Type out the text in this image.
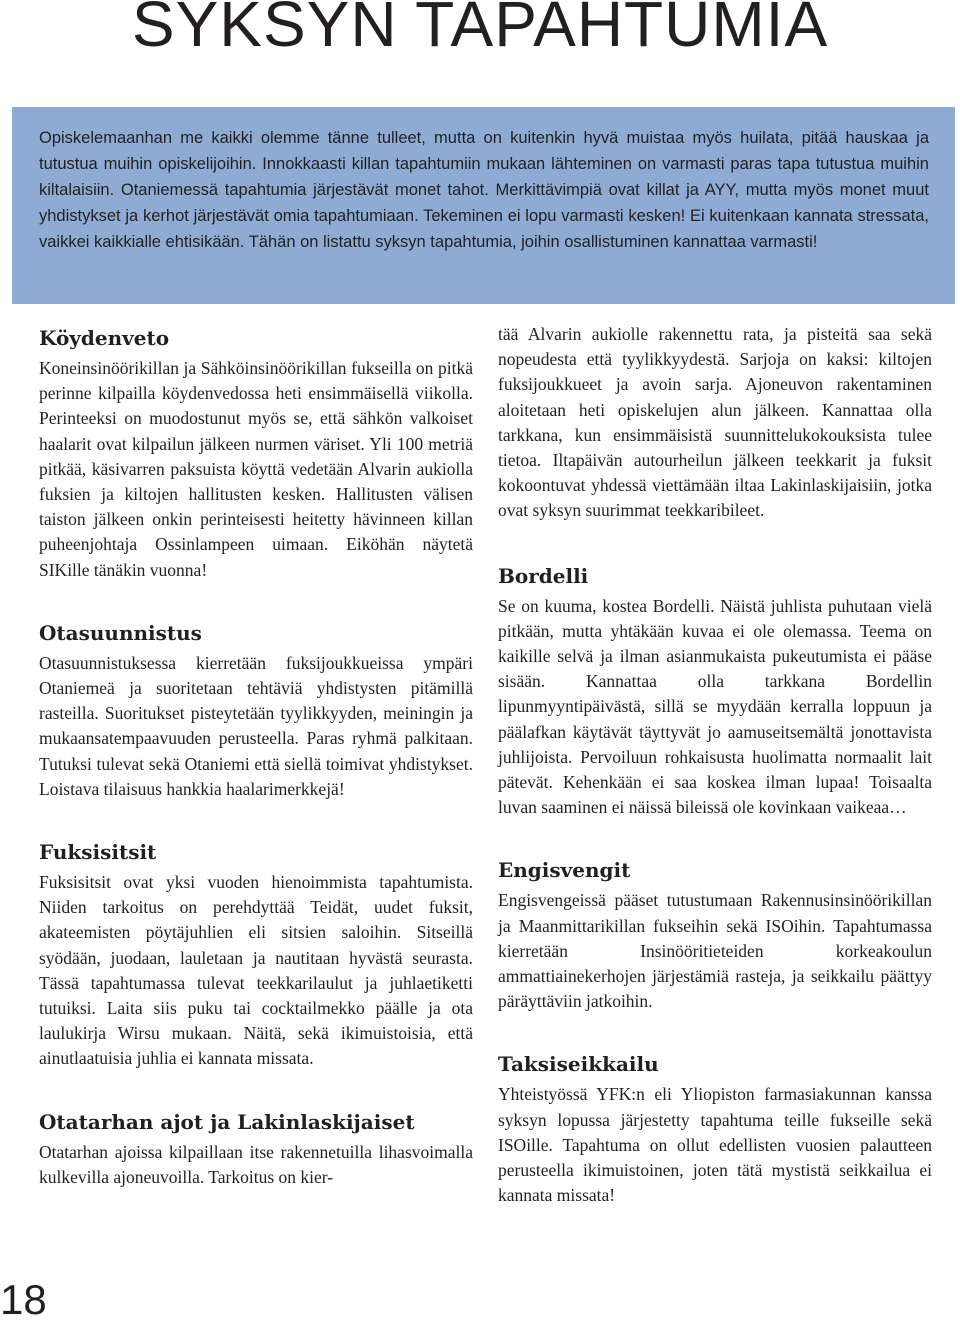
SYKSYN TAPAHTUMIA

Opiskelemaanhan me kaikki olemme tänne tulleet, mutta on kuitenkin hyvä muistaa myös huilata, pitää hauskaa ja tutustua muihin opiskelijoihin. Innokkaasti killan tapahtumiin mukaan lähteminen on varmasti paras tapa tutustua muihin kiltalaisiin. Otaniemessä tapahtumia järjestävät monet tahot. Merkittävimpiä ovat killat ja AYY, mutta myös monet muut yhdistykset ja kerhot järjestävät omia tapahtumiaan. Tekeminen ei lopu varmasti kesken! Ei kuitenkaan kannata stressata, vaikkei kaikkialle ehtisikään. Tähän on listattu syksyn tapahtumia, joihin osallistuminen kannattaa varmasti!

Köydenveto

Koneinsinöörikillan ja Sähköinsinöörikillan fukseilla on pitkä perinne kilpailla köydenvedossa heti ensimmäisellä viikolla. Perinteeksi on muodostunut myös se, että sähkön valkoiset haalarit ovat kilpailun jälkeen nurmen väriset. Yli 100 metriä pitkää, käsivarren paksuista köyttä vedetään Alvarin aukiolla fuksien ja kiltojen hallitusten kesken. Hallitusten välisen taiston jälkeen onkin perinteisesti heitetty hävinneen killan puheenjohtaja Ossinlampeen uimaan. Eiköhän näytetä SIKille tänäkin vuonna!

Otasuunnistus

Otasuunnistuksessa kierretään fuksijoukkueissa ympäri Otaniemeä ja suoritetaan tehtäviä yhdistysten pitämillä rasteilla. Suoritukset pisteytetään tyylikkyyden, meiningin ja mukaansatempaavuuden perusteella. Paras ryhmä palkitaan. Tutuksi tulevat sekä Otaniemi että siellä toimivat yhdistykset. Loistava tilaisuus hankkia haalarimerkkejä!

Fuksisitsit

Fuksisitsit ovat yksi vuoden hienoimmista tapahtumista. Niiden tarkoitus on perehdyttää Teidät, uudet fuksit, akateemisten pöytäjuhlien eli sitsien saloihin. Sitseillä syödään, juodaan, lauletaan ja nautitaan hyvästä seurasta. Tässä tapahtumassa tulevat teekkarilaulut ja juhlaetiketti tutuiksi. Laita siis puku tai cocktailmekko päälle ja ota laulukirja Wirsu mukaan. Näitä, sekä ikimuistoisia, että ainutlaatuisia juhlia ei kannata missata.

Otatarhan ajot ja Lakinlaskijaiset

Otatarhan ajoissa kilpaillaan itse rakennetuilla lihasvoimalla kulkevilla ajoneuvoilla. Tarkoitus on kier-

tää Alvarin aukiolle rakennettu rata, ja pisteitä saa sekä nopeudesta että tyylikkyydestä. Sarjoja on kaksi: kiltojen fuksijoukkueet ja avoin sarja. Ajoneuvon rakentaminen aloitetaan heti opiskelujen alun jälkeen. Kannattaa olla tarkkana, kun ensimmäisistä suunnittelukokouksista tulee tietoa. Iltapäivän autourheilun jälkeen teekkarit ja fuksit kokoontuvat yhdessä viettämään iltaa Lakinlaskijaisiin, jotka ovat syksyn suurimmat teekkaribileet.

Bordelli

Se on kuuma, kostea Bordelli. Näistä juhlista puhutaan vielä pitkään, mutta yhtäkään kuvaa ei ole olemassa. Teema on kaikille selvä ja ilman asianmukaista pukeutumista ei pääse sisään. Kannattaa olla tarkkana Bordellin lipunmyyntipäivästä, sillä se myydään kerralla loppuun ja päälafkan käytävät täyttyvät jo aamuseitsemältä jonottavista juhlijoista. Pervoiluun rohkaisusta huolimatta normaalit lait pätevät. Kehenkään ei saa koskea ilman lupaa! Toisaalta luvan saaminen ei näissä bileissä ole kovinkaan vaikeaa…

Engisvengit

Engisvengeissä pääset tutustumaan Rakennusinsinöörikillan ja Maanmittarikillan fukseihin sekä ISOihin. Tapahtumassa kierretään Insinööritieteiden korkeakoulun ammattiainekerhojen järjestämiä rasteja, ja seikkailu päättyy päräyttäviin jatkoihin.

Taksiseikkailu

Yhteistyössä YFK:n eli Yliopiston farmasiakunnan kanssa syksyn lopussa järjestetty tapahtuma teille fukseille sekä ISOille. Tapahtuma on ollut edellisten vuosien palautteen perusteella ikimuistoinen, joten tätä mystistä seikkailua ei kannata missata!

18
